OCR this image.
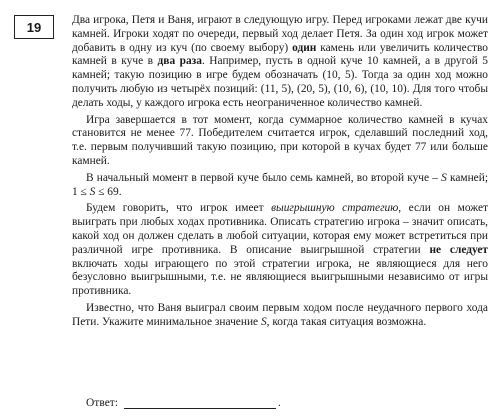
19	Два игрока, Петя и Ваня, играют в следующую игру. Перед игроками лежат две кучи камней. Игроки ходят по очереди, первый ход делает Петя. За один ход игрок может добавить в одну из куч (по своему выбору) один камень или увеличить количество камней в куче в два раза. Например, пусть в одной куче 10 камней, а в другой 5 камней; такую позицию в игре будем обозначать (10, 5). Тогда за один ход можно получить любую из четырёх позиций: (11, 5), (20, 5), (10, 6), (10, 10). Для того чтобы делать ходы, у каждого игрока есть неограниченное количество камней.

Игра завершается в тот момент, когда суммарное количество камней в кучах становится не менее 77. Победителем считается игрок, сделавший последний ход, т.е. первым получивший такую позицию, при которой в кучах будет 77 или больше камней.

В начальный момент в первой куче было семь камней, во второй куче – S камней; 1 ≤ S ≤ 69.

Будем говорить, что игрок имеет выигрышную стратегию, если он может выиграть при любых ходах противника. Описать стратегию игрока – значит описать, какой ход он должен сделать в любой ситуации, которая ему может встретиться при различной игре противника. В описание выигрышной стратегии не следует включать ходы играющего по этой стратегии игрока, не являющиеся для него безусловно выигрышными, т.е. не являющиеся выигрышными независимо от игры противника.

Известно, что Ваня выиграл своим первым ходом после неудачного первого хода Пети. Укажите минимальное значение S, когда такая ситуация возможна.

Ответ:	.
